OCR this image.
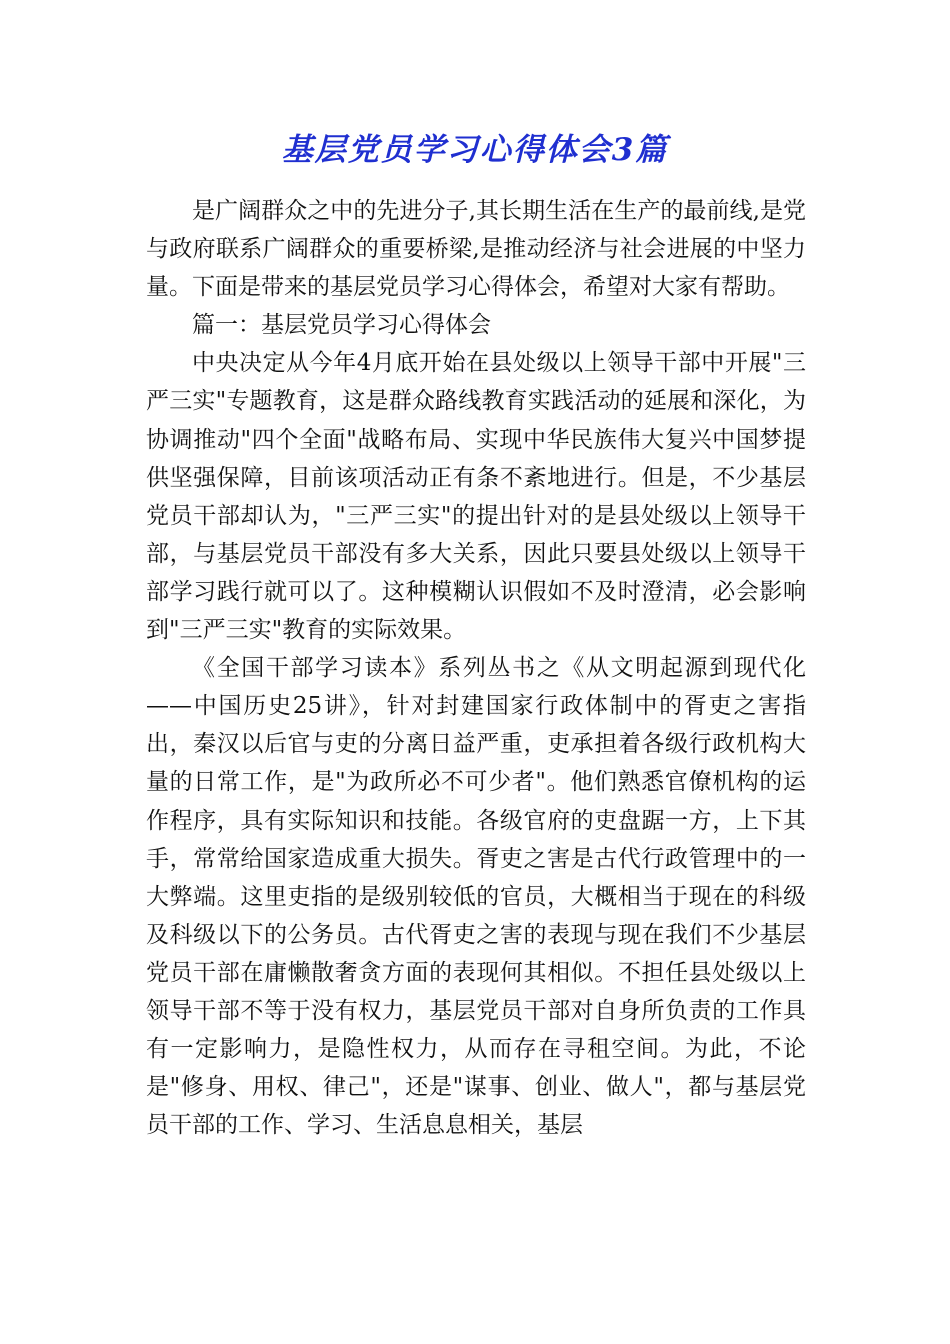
基层党员学习心得体会3篇

是广阔群众之中的先进分子,其长期生活在生产的最前线,是党与政府联系广阔群众的重要桥梁,是推动经济与社会进展的中坚力量。下面是带来的基层党员学习心得体会，希望对大家有帮助。

篇一：基层党员学习心得体会

中央决定从今年4月底开始在县处级以上领导干部中开展"三严三实"专题教育，这是群众路线教育实践活动的延展和深化，为协调推动"四个全面"战略布局、实现中华民族伟大复兴中国梦提供坚强保障，目前该项活动正有条不紊地进行。但是，不少基层党员干部却认为，"三严三实"的提出针对的是县处级以上领导干部，与基层党员干部没有多大关系，因此只要县处级以上领导干部学习践行就可以了。这种模糊认识假如不及时澄清，必会影响到"三严三实"教育的实际效果。

《全国干部学习读本》系列丛书之《从文明起源到现代化——中国历史25讲》，针对封建国家行政体制中的胥吏之害指出，秦汉以后官与吏的分离日益严重，吏承担着各级行政机构大量的日常工作，是"为政所必不可少者"。他们熟悉官僚机构的运作程序，具有实际知识和技能。各级官府的吏盘踞一方，上下其手，常常给国家造成重大损失。胥吏之害是古代行政管理中的一大弊端。这里吏指的是级别较低的官员，大概相当于现在的科级及科级以下的公务员。古代胥吏之害的表现与现在我们不少基层党员干部在庸懒散奢贪方面的表现何其相似。不担任县处级以上领导干部不等于没有权力，基层党员干部对自身所负责的工作具有一定影响力，是隐性权力，从而存在寻租空间。为此，不论是"修身、用权、律己"，还是"谋事、创业、做人"，都与基层党员干部的工作、学习、生活息息相关，基层
